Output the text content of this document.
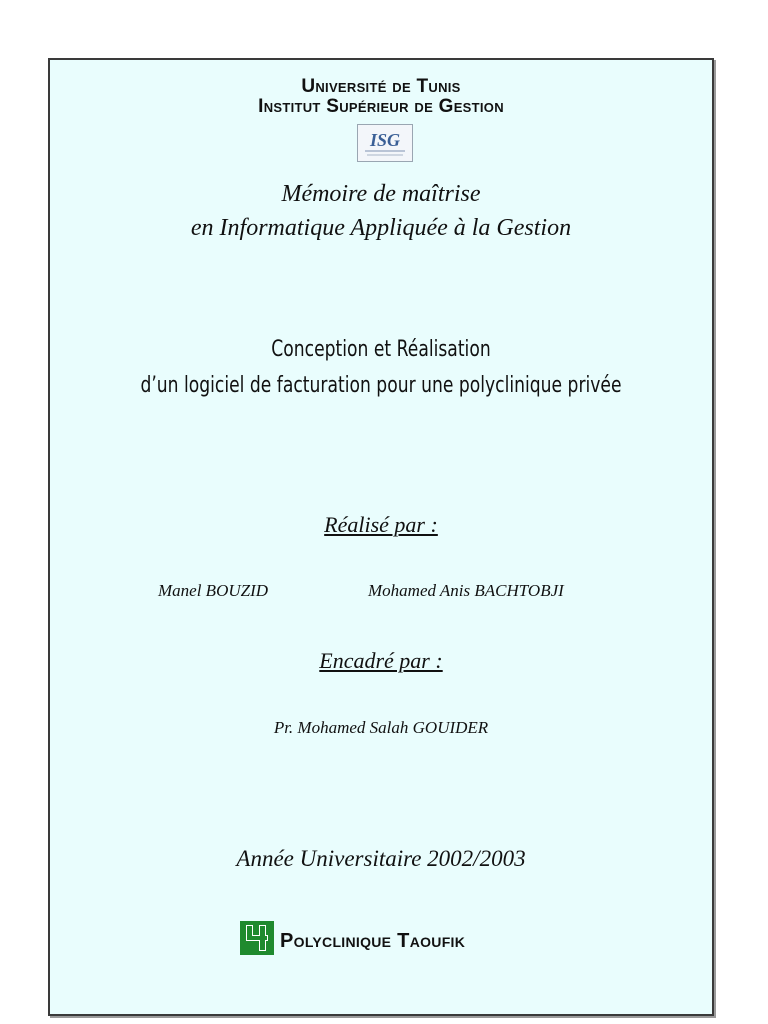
Université de Tunis
Institut Supérieur de Gestion
ISG
Mémoire de maîtrise
en Informatique Appliquée à la Gestion
Conception et Réalisation
d’un logiciel de facturation pour une polyclinique privée
Réalisé par :
Manel BOUZID	Mohamed Anis BACHTOBJI
Encadré par :
Pr. Mohamed Salah GOUIDER
Année Universitaire 2002/2003
Polyclinique Taoufik
